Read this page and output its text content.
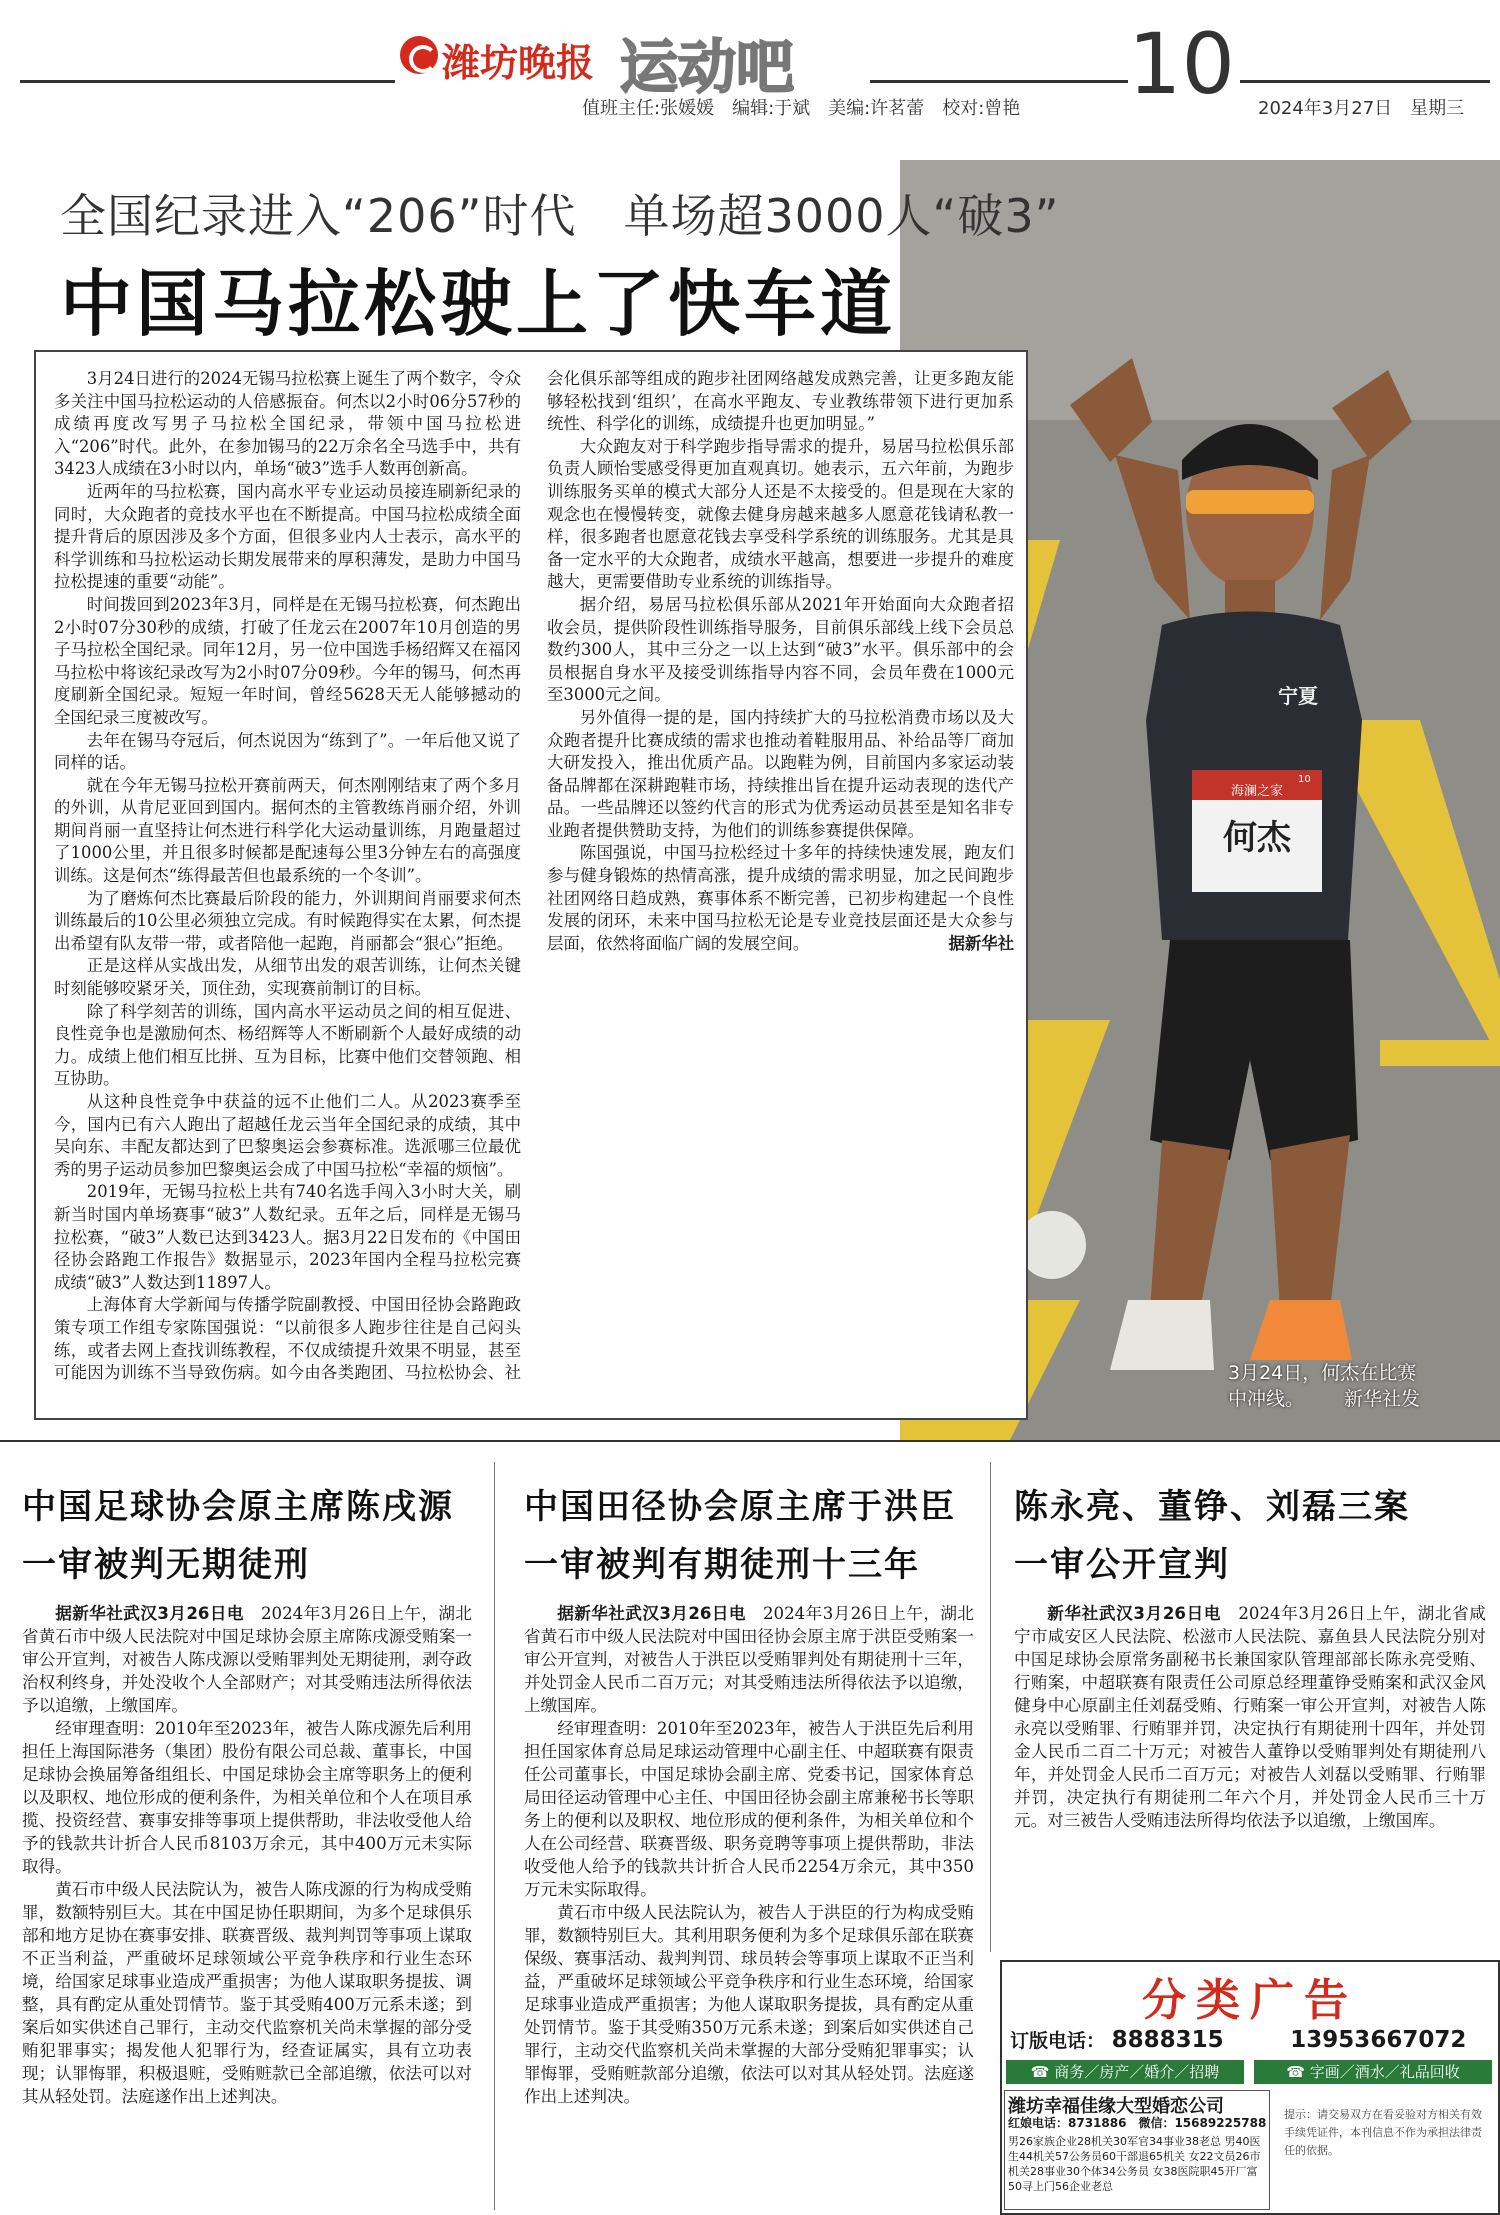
潍坊晚报 运动吧
值班主任:张媛媛　编辑:于斌　美编:许茗蕾　校对:曾艳 10 2024年3月27日　星期三
海澜之家
何杰
10
宁夏
全国纪录进入“206”时代　单场超3000人“破3”
中国马拉松驶上了快车道

3月24日进行的2024无锡马拉松赛上诞生了两个数字，令众多关注中国马拉松运动的人倍感振奋。何杰以2小时06分57秒的成绩再度改写男子马拉松全国纪录，带领中国马拉松进入“206”时代。此外，在参加锡马的22万余名全马选手中，共有3423人成绩在3小时以内，单场“破3”选手人数再创新高。

近两年的马拉松赛，国内高水平专业运动员接连刷新纪录的同时，大众跑者的竞技水平也在不断提高。中国马拉松成绩全面提升背后的原因涉及多个方面，但很多业内人士表示，高水平的科学训练和马拉松运动长期发展带来的厚积薄发，是助力中国马拉松提速的重要“动能”。

时间拨回到2023年3月，同样是在无锡马拉松赛，何杰跑出2小时07分30秒的成绩，打破了任龙云在2007年10月创造的男子马拉松全国纪录。同年12月，另一位中国选手杨绍辉又在福冈马拉松中将该纪录改写为2小时07分09秒。今年的锡马，何杰再度刷新全国纪录。短短一年时间，曾经5628天无人能够撼动的全国纪录三度被改写。

去年在锡马夺冠后，何杰说因为“练到了”。一年后他又说了同样的话。

就在今年无锡马拉松开赛前两天，何杰刚刚结束了两个多月的外训，从肯尼亚回到国内。据何杰的主管教练肖丽介绍，外训期间肖丽一直坚持让何杰进行科学化大运动量训练，月跑量超过了1000公里，并且很多时候都是配速每公里3分钟左右的高强度训练。这是何杰“练得最苦但也最系统的一个冬训”。

为了磨炼何杰比赛最后阶段的能力，外训期间肖丽要求何杰训练最后的10公里必须独立完成。有时候跑得实在太累，何杰提出希望有队友带一带，或者陪他一起跑，肖丽都会“狠心”拒绝。

正是这样从实战出发，从细节出发的艰苦训练，让何杰关键时刻能够咬紧牙关，顶住劲，实现赛前制订的目标。

除了科学刻苦的训练，国内高水平运动员之间的相互促进、良性竞争也是激励何杰、杨绍辉等人不断刷新个人最好成绩的动力。成绩上他们相互比拼、互为目标，比赛中他们交替领跑、相互协助。

从这种良性竞争中获益的远不止他们二人。从2023赛季至今，国内已有六人跑出了超越任龙云当年全国纪录的成绩，其中吴向东、丰配友都达到了巴黎奥运会参赛标准。选派哪三位最优秀的男子运动员参加巴黎奥运会成了中国马拉松“幸福的烦恼”。

2019年，无锡马拉松上共有740名选手闯入3小时大关，刷新当时国内单场赛事“破3”人数纪录。五年之后，同样是无锡马拉松赛，“破3”人数已达到3423人。据3月22日发布的《中国田径协会路跑工作报告》数据显示，2023年国内全程马拉松完赛成绩“破3”人数达到11897人。

上海体育大学新闻与传播学院副教授、中国田径协会路跑政策专项工作组专家陈国强说：“以前很多人跑步往往是自己闷头练，或者去网上查找训练教程，不仅成绩提升效果不明显，甚至可能因为训练不当导致伤病。如今由各类跑团、马拉松协会、社会化俱乐部等组成的跑步社团网络越发成熟完善，让更多跑友能够轻松找到‘组织’，在高水平跑友、专业教练带领下进行更加系统性、科学化的训练，成绩提升也更加明显。”

大众跑友对于科学跑步指导需求的提升，易居马拉松俱乐部负责人顾怡雯感受得更加直观真切。她表示，五六年前，为跑步训练服务买单的模式大部分人还是不太接受的。但是现在大家的观念也在慢慢转变，就像去健身房越来越多人愿意花钱请私教一样，很多跑者也愿意花钱去享受科学系统的训练服务。尤其是具备一定水平的大众跑者，成绩水平越高，想要进一步提升的难度越大，更需要借助专业系统的训练指导。

据介绍，易居马拉松俱乐部从2021年开始面向大众跑者招收会员，提供阶段性训练指导服务，目前俱乐部线上线下会员总数约300人，其中三分之一以上达到“破3”水平。俱乐部中的会员根据自身水平及接受训练指导内容不同，会员年费在1000元至3000元之间。

另外值得一提的是，国内持续扩大的马拉松消费市场以及大众跑者提升比赛成绩的需求也推动着鞋服用品、补给品等厂商加大研发投入，推出优质产品。以跑鞋为例，目前国内多家运动装备品牌都在深耕跑鞋市场，持续推出旨在提升运动表现的迭代产品。一些品牌还以签约代言的形式为优秀运动员甚至是知名非专业跑者提供赞助支持，为他们的训练参赛提供保障。

陈国强说，中国马拉松经过十多年的持续快速发展，跑友们参与健身锻炼的热情高涨，提升成绩的需求明显，加之民间跑步社团网络日趋成熟，赛事体系不断完善，已初步构建起一个良性发展的闭环，未来中国马拉松无论是专业竞技层面还是大众参与层面，依然将面临广阔的发展空间。	据新华社

3月24日，何杰在比赛
中冲线。 新华社发
中国足球协会原主席陈戌源
一审被判无期徒刑

据新华社武汉3月26日电　 2024年3月26日上午，湖北省黄石市中级人民法院对中国足球协会原主席陈戌源受贿案一审公开宣判，对被告人陈戌源以受贿罪判处无期徒刑，剥夺政治权利终身，并处没收个人全部财产；对其受贿违法所得依法予以追缴，上缴国库。

经审理查明：2010年至2023年，被告人陈戌源先后利用担任上海国际港务（集团）股份有限公司总裁、董事长，中国足球协会换届筹备组组长、中国足球协会主席等职务上的便利以及职权、地位形成的便利条件，为相关单位和个人在项目承揽、投资经营、赛事安排等事项上提供帮助，非法收受他人给予的钱款共计折合人民币8103万余元，其中400万元未实际取得。

黄石市中级人民法院认为，被告人陈戌源的行为构成受贿罪，数额特别巨大。其在中国足协任职期间，为多个足球俱乐部和地方足协在赛事安排、联赛晋级、裁判判罚等事项上谋取不正当利益，严重破坏足球领域公平竞争秩序和行业生态环境，给国家足球事业造成严重损害；为他人谋取职务提拔、调整，具有酌定从重处罚情节。鉴于其受贿400万元系未遂；到案后如实供述自己罪行，主动交代监察机关尚未掌握的部分受贿犯罪事实；揭发他人犯罪行为，经查证属实，具有立功表现；认罪悔罪，积极退赃，受贿赃款已全部追缴，依法可以对其从轻处罚。法庭遂作出上述判决。

中国田径协会原主席于洪臣
一审被判有期徒刑十三年

据新华社武汉3月26日电　 2024年3月26日上午，湖北省黄石市中级人民法院对中国田径协会原主席于洪臣受贿案一审公开宣判，对被告人于洪臣以受贿罪判处有期徒刑十三年，并处罚金人民币二百万元；对其受贿违法所得依法予以追缴，上缴国库。

经审理查明：2010年至2023年，被告人于洪臣先后利用担任国家体育总局足球运动管理中心副主任、中超联赛有限责任公司董事长，中国足球协会副主席、党委书记，国家体育总局田径运动管理中心主任、中国田径协会副主席兼秘书长等职务上的便利以及职权、地位形成的便利条件，为相关单位和个人在公司经营、联赛晋级、职务竞聘等事项上提供帮助，非法收受他人给予的钱款共计折合人民币2254万余元，其中350万元未实际取得。

黄石市中级人民法院认为，被告人于洪臣的行为构成受贿罪，数额特别巨大。其利用职务便利为多个足球俱乐部在联赛保级、赛事活动、裁判判罚、球员转会等事项上谋取不正当利益，严重破坏足球领域公平竞争秩序和行业生态环境，给国家足球事业造成严重损害；为他人谋取职务提拔，具有酌定从重处罚情节。鉴于其受贿350万元系未遂；到案后如实供述自己罪行，主动交代监察机关尚未掌握的大部分受贿犯罪事实；认罪悔罪，受贿赃款部分追缴，依法可以对其从轻处罚。法庭遂作出上述判决。

陈永亮、董铮、刘磊三案
一审公开宣判

新华社武汉3月26日电　 2024年3月26日上午，湖北省咸宁市咸安区人民法院、松滋市人民法院、嘉鱼县人民法院分别对中国足球协会原常务副秘书长兼国家队管理部部长陈永亮受贿、行贿案，中超联赛有限责任公司原总经理董铮受贿案和武汉金风健身中心原副主任刘磊受贿、行贿案一审公开宣判，对被告人陈永亮以受贿罪、行贿罪并罚，决定执行有期徒刑十四年，并处罚金人民币二百二十万元；对被告人董铮以受贿罪判处有期徒刑八年，并处罚金人民币二百万元；对被告人刘磊以受贿罪、行贿罪并罚，决定执行有期徒刑二年六个月，并处罚金人民币三十万元。对三被告人受贿违法所得均依法予以追缴，上缴国库。

分类广告
订版电话： 8888315	13953667072
☎ 商务／房产／婚介／招聘	☎ 字画／酒水／礼品回收
潍坊幸福佳缘大型婚恋公司
红娘电话：8731886　微信：15689225788
男26家族企业28机关30军官34事业38老总 男40医生44机关57公务员60干部退65机关 女22文员26市机关28事业30个体34公务员 女38医院职45开厂富50寻上门56企业老总
提示：请交易双方在看妥验对方相关有效手续凭证件，本刊信息不作为承担法律责任的依据。
